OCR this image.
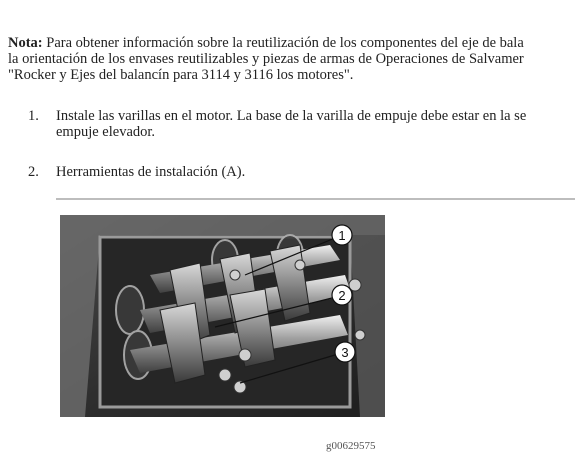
Nota: Para obtener información sobre la reutilización de los componentes del eje de bala
la orientación de los envases reutilizables y piezas de armas de Operaciones de Salvamer
"Rocker y Ejes del balancín para 3114 y 3116 los motores".
1. Instale las varillas en el motor. La base de la varilla de empuje debe estar en la se
empuje elevador.
2. Herramientas de instalación (A).
1
2
3
g00629575
